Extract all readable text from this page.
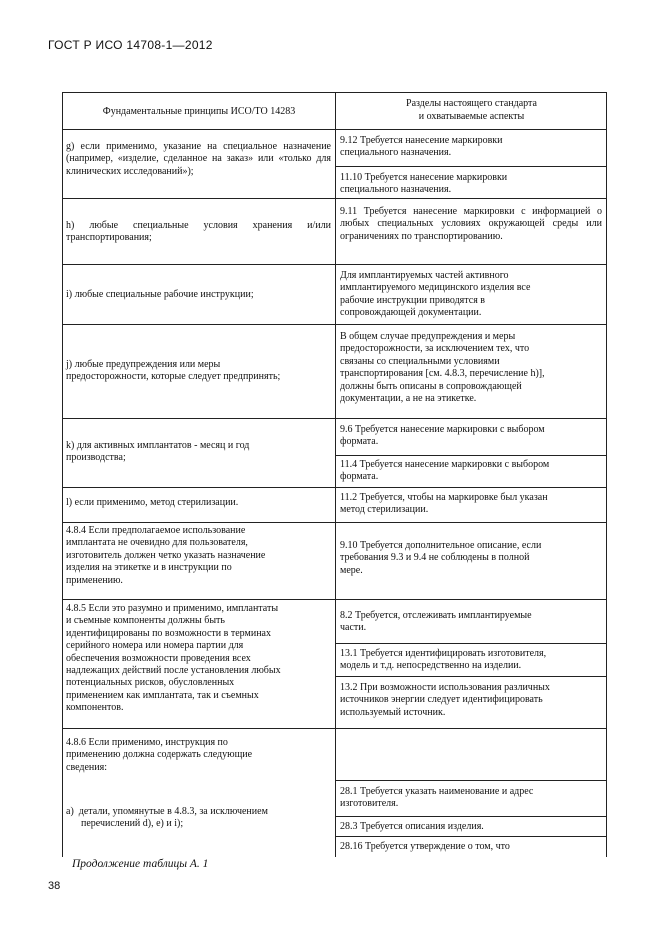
ГОСТ Р ИСО 14708-1—2012
Фундаментальные принципы ИСО/ТО 14283
Разделы настоящего стандарта
и охватываемые аспекты
g) если применимо, указание на специальное назначение (например, «изделие, сделанное на заказ» или «только для клинических исследований»);
h) любые специальные условия хранения и/или транспортирования;
i) любые специальные рабочие инструкции;
j) любые предупреждения или меры
предосторожности, которые следует предпринять;
k) для активных имплантатов - месяц и год
производства;
l) если применимо, метод стерилизации.
4.8.4 Если предполагаемое использование
имплантата не очевидно для пользователя,
изготовитель должен четко указать назначение
изделия на этикетке и в инструкции по
применению.
4.8.5 Если это разумно и применимо, имплантаты
и съемные компоненты должны быть
идентифицированы по возможности в терминах
серийного номера или номера партии для
обеспечения возможности проведения всех
надлежащих действий после установления любых
потенциальных рисков, обусловленных
применением как имплантата, так и съемных
компонентов.
4.8.6 Если применимо, инструкция по
применению должна содержать следующие
сведения:
а)  детали, упомянутые в 4.8.3, за исключением
перечислений d), е) и i);
9.12 Требуется нанесение маркировки
специального назначения.
11.10 Требуется нанесение маркировки
специального назначения.
9.11 Требуется нанесение маркировки с информацией о любых специальных условиях окружающей среды или ограничениях по транспортированию.
Для имплантируемых частей активного
имплантируемого медицинского изделия все
рабочие инструкции приводятся в
сопровождающей документации.
В общем случае предупреждения и меры
предосторожности, за исключением тех, что
связаны со специальными условиями
транспортирования [см. 4.8.3, перечисление h)],
должны быть описаны в сопровождающей
документации, а не на этикетке.
9.6 Требуется нанесение маркировки с выбором
формата.
11.4 Требуется нанесение маркировки с выбором
формата.
11.2 Требуется, чтобы на маркировке был указан
метод стерилизации.
9.10 Требуется дополнительное описание, если
требования 9.3 и 9.4 не соблюдены в полной
мере.
8.2 Требуется, отслеживать имплантируемые
части.
13.1 Требуется идентифицировать изготовителя,
модель и т.д. непосредственно на изделии.
13.2 При возможности использования различных
источников энергии следует идентифицировать
используемый источник.
28.1 Требуется указать наименование и адрес
изготовителя.
28.3 Требуется описания изделия.
28.16 Требуется утверждение о том, что
Продолжение таблицы А. 1
38
